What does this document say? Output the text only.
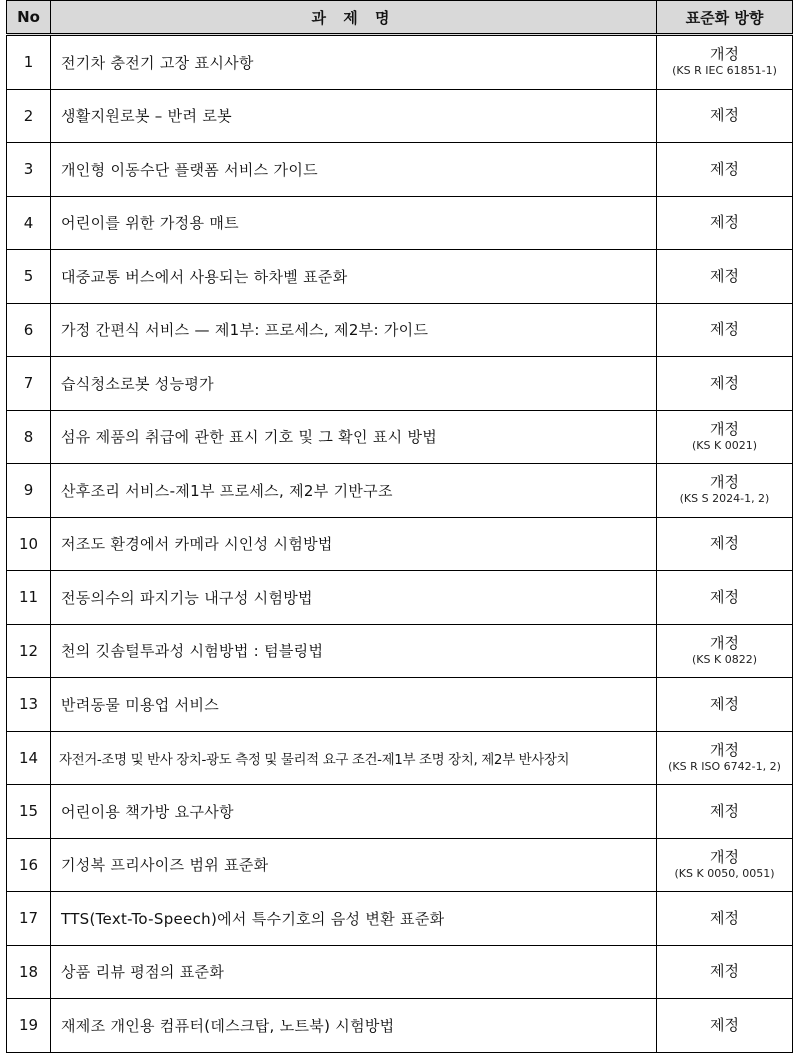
No	과 제 명	표준화 방향
1	전기차 충전기 고장 표시사항	개정
(KS R IEC 61851-1)

2	생활지원로봇 – 반려 로봇	제정

3	개인형 이동수단 플랫폼 서비스 가이드	제정

4	어린이를 위한 가정용 매트	제정

5	대중교통 버스에서 사용되는 하차벨 표준화	제정

6	가정 간편식 서비스 — 제1부: 프로세스, 제2부: 가이드	제정

7	습식청소로봇 성능평가	제정

8	섬유 제품의 취급에 관한 표시 기호 및 그 확인 표시 방법	개정
(KS K 0021)

9	산후조리 서비스-제1부 프로세스, 제2부 기반구조	개정
(KS S 2024-1, 2)

10	저조도 환경에서 카메라 시인성 시험방법	제정

11	전동의수의 파지기능 내구성 시험방법	제정

12	천의 깃솜털투과성 시험방법 : 텀블링법	개정
(KS K 0822)

13	반려동물 미용업 서비스	제정

14	자전거-조명 및 반사 장치-광도 측정 및 물리적 요구 조건-제1부 조명 장치, 제2부 반사장치	개정
(KS R ISO 6742-1, 2)

15	어린이용 책가방 요구사항	제정

16	기성복 프리사이즈 범위 표준화	개정
(KS K 0050, 0051)

17	TTS(Text-To-Speech)에서 특수기호의 음성 변환 표준화	제정

18	상품 리뷰 평점의 표준화	제정

19	재제조 개인용 컴퓨터(데스크탑, 노트북) 시험방법	제정
